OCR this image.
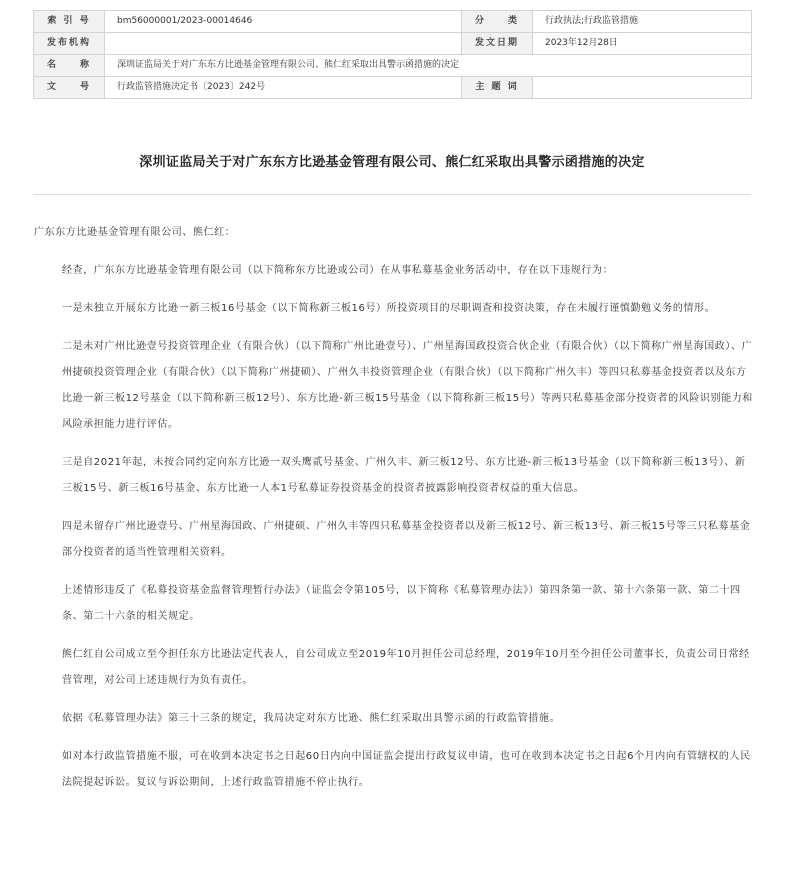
索 引 号	bm56000001/2023-00014646	分　　类	行政执法;行政监管措施
发布机构		发文日期	2023年12月28日
名　　称	深圳证监局关于对广东东方比逊基金管理有限公司、熊仁红采取出具警示函措施的决定		
文　　号	行政监管措施决定书〔2023〕242号	主 题 词	
深圳证监局关于对广东东方比逊基金管理有限公司、熊仁红采取出具警示函措施的决定

广东东方比逊基金管理有限公司、熊仁红：

经查，广东东方比逊基金管理有限公司（以下简称东方比逊或公司）在从事私募基金业务活动中，存在以下违规行为：

一是未独立开展东方比逊一新三板16号基金（以下简称新三板16号）所投资项目的尽职调查和投资决策，存在未履行谨慎勤勉义务的情形。

二是未对广州比逊壹号投资管理企业（有限合伙）（以下简称广州比逊壹号）、广州星海国政投资合伙企业（有限合伙）（以下简称广州星海国政）、广州捷硕投资管理企业（有限合伙）（以下简称广州捷硕）、广州久丰投资管理企业（有限合伙）（以下简称广州久丰）等四只私募基金投资者以及东方比逊一新三板12号基金（以下简称新三板12号）、东方比逊-新三板15号基金（以下简称新三板15号）等两只私募基金部分投资者的风险识别能力和风险承担能力进行评估。

三是自2021年起，未按合同约定向东方比逊一双头鹰贰号基金、广州久丰、新三板12号、东方比逊-新三板13号基金（以下简称新三板13号）、新三板15号、新三板16号基金、东方比逊一人本1号私募证券投资基金的投资者披露影响投资者权益的重大信息。

四是未留存广州比逊壹号、广州星海国政、广州捷硕、广州久丰等四只私募基金投资者以及新三板12号、新三板13号、新三板15号等三只私募基金部分投资者的适当性管理相关资料。

上述情形违反了《私募投资基金监督管理暂行办法》（证监会令第105号，以下简称《私募管理办法》）第四条第一款、第十六条第一款、第二十四条、第二十六条的相关规定。

熊仁红自公司成立至今担任东方比逊法定代表人，自公司成立至2019年10月担任公司总经理，2019年10月至今担任公司董事长，负责公司日常经营管理，对公司上述违规行为负有责任。

依据《私募管理办法》第三十三条的规定，我局决定对东方比逊、熊仁红采取出具警示函的行政监管措施。

如对本行政监管措施不服，可在收到本决定书之日起60日内向中国证监会提出行政复议申请，也可在收到本决定书之日起6个月内向有管辖权的人民法院提起诉讼。复议与诉讼期间，上述行政监管措施不停止执行。
